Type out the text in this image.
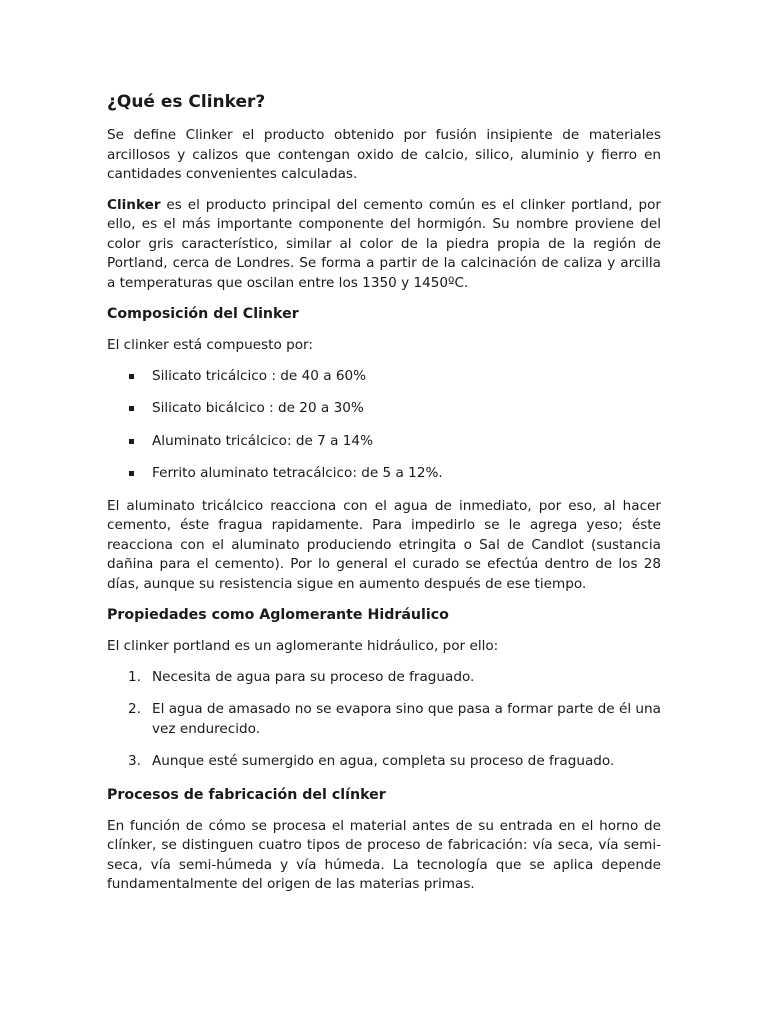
¿Qué es Clinker?

Se define Clinker el producto obtenido por fusión insipiente de materiales arcillosos y calizos que contengan oxido de calcio, silico, aluminio y fierro en cantidades convenientes calculadas.

Clinker es el producto principal del cemento común es el clinker portland, por ello, es el más importante componente del hormigón. Su nombre proviene del color gris característico, similar al color de la piedra propia de la región de Portland, cerca de Londres. Se forma a partir de la calcinación de caliza y arcilla a temperaturas que oscilan entre los 1350 y 1450ºC.

Composición del Clinker

El clinker está compuesto por:

Silicato tricálcico : de 40 a 60%
Silicato bicálcico : de 20 a 30%
Aluminato tricálcico: de 7 a 14%
Ferrito aluminato tetracálcico: de 5 a 12%.

El aluminato tricálcico reacciona con el agua de inmediato, por eso, al hacer cemento, éste fragua rapidamente. Para impedirlo se le agrega yeso; éste reacciona con el aluminato produciendo etringita o Sal de Candlot (sustancia dañina para el cemento). Por lo general el curado se efectúa dentro de los 28 días, aunque su resistencia sigue en aumento después de ese tiempo.

Propiedades como Aglomerante Hidráulico

El clinker portland es un aglomerante hidráulico, por ello:

1. Necesita de agua para su proceso de fraguado.
2. El agua de amasado no se evapora sino que pasa a formar parte de él una vez endurecido.
3. Aunque esté sumergido en agua, completa su proceso de fraguado.
Procesos de fabricación del clínker

En función de cómo se procesa el material antes de su entrada en el horno de clínker, se distinguen cuatro tipos de proceso de fabricación: vía seca, vía semi-seca, vía semi-húmeda y vía húmeda. La tecnología que se aplica depende fundamentalmente del origen de las materias primas.
